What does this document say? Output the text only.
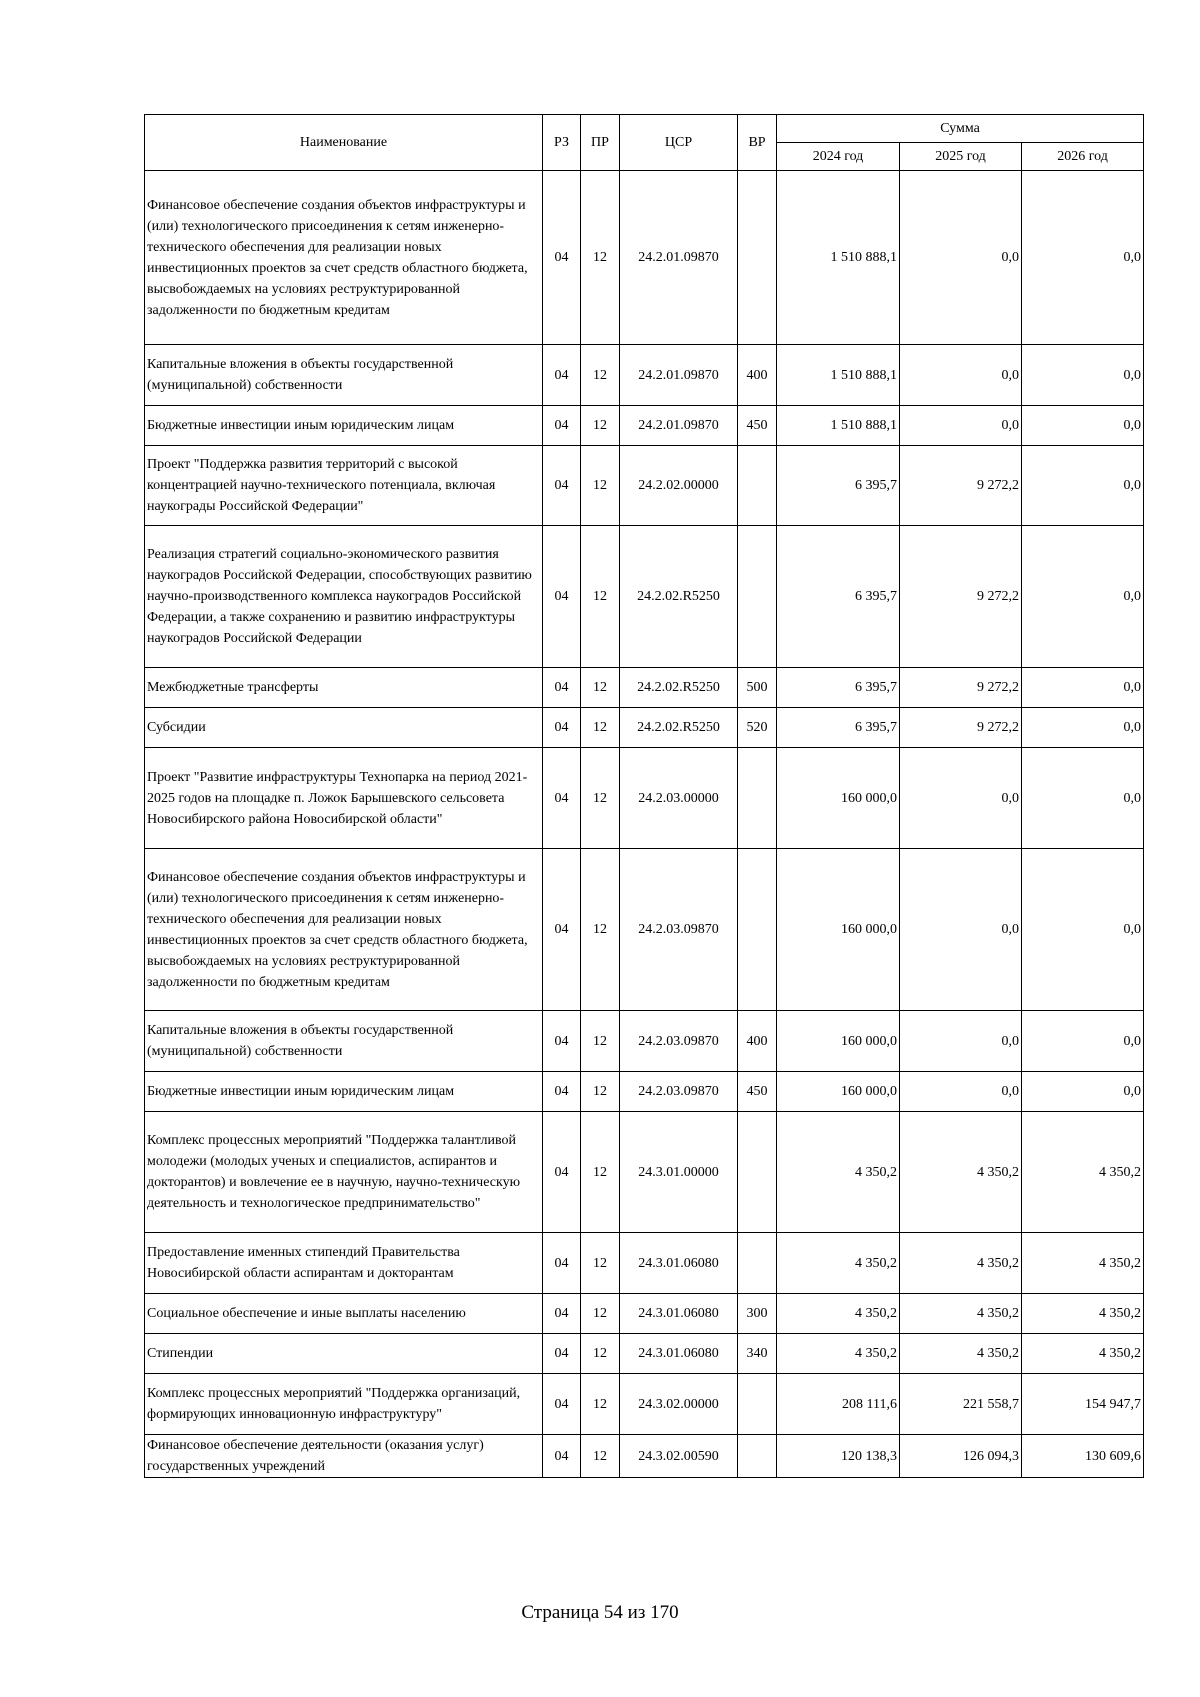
Наименование	РЗ	ПР	ЦСР	ВР	Сумма		
					2024 год	2025 год	2026 год
Финансовое обеспечение создания объектов инфраструктуры и (или) технологического присоединения к сетям инженерно-технического обеспечения для реализации новых инвестиционных проектов за счет средств областного бюджета, высвобождаемых на условиях реструктурированной задолженности по бюджетным кредитам	04	12	24.2.01.09870		1 510 888,1	0,0	0,0
Капитальные вложения в объекты государственной (муниципальной) собственности	04	12	24.2.01.09870	400	1 510 888,1	0,0	0,0
Бюджетные инвестиции иным юридическим лицам	04	12	24.2.01.09870	450	1 510 888,1	0,0	0,0
Проект "Поддержка развития территорий с высокой концентрацией научно-технического потенциала, включая наукограды Российской Федерации"	04	12	24.2.02.00000		6 395,7	9 272,2	0,0
Реализация стратегий социально-экономического развития наукоградов Российской Федерации, способствующих развитию научно-производственного комплекса наукоградов Российской Федерации, а также сохранению и развитию инфраструктуры наукоградов Российской Федерации	04	12	24.2.02.R5250		6 395,7	9 272,2	0,0
Межбюджетные трансферты	04	12	24.2.02.R5250	500	6 395,7	9 272,2	0,0
Субсидии	04	12	24.2.02.R5250	520	6 395,7	9 272,2	0,0
Проект "Развитие инфраструктуры Технопарка на период 2021-2025 годов на площадке п. Ложок Барышевского сельсовета Новосибирского района Новосибирской области"	04	12	24.2.03.00000		160 000,0	0,0	0,0
Финансовое обеспечение создания объектов инфраструктуры и (или) технологического присоединения к сетям инженерно-технического обеспечения для реализации новых инвестиционных проектов за счет средств областного бюджета, высвобождаемых на условиях реструктурированной задолженности по бюджетным кредитам	04	12	24.2.03.09870		160 000,0	0,0	0,0
Капитальные вложения в объекты государственной (муниципальной) собственности	04	12	24.2.03.09870	400	160 000,0	0,0	0,0
Бюджетные инвестиции иным юридическим лицам	04	12	24.2.03.09870	450	160 000,0	0,0	0,0
Комплекс процессных мероприятий "Поддержка талантливой молодежи (молодых ученых и специалистов, аспирантов и докторантов) и вовлечение ее в научную, научно-техническую деятельность и технологическое предпринимательство"	04	12	24.3.01.00000		4 350,2	4 350,2	4 350,2
Предоставление именных стипендий Правительства Новосибирской области аспирантам и докторантам	04	12	24.3.01.06080		4 350,2	4 350,2	4 350,2
Социальное обеспечение и иные выплаты населению	04	12	24.3.01.06080	300	4 350,2	4 350,2	4 350,2
Стипендии	04	12	24.3.01.06080	340	4 350,2	4 350,2	4 350,2
Комплекс процессных мероприятий "Поддержка организаций, формирующих инновационную инфраструктуру"	04	12	24.3.02.00000		208 111,6	221 558,7	154 947,7
Финансовое обеспечение деятельности (оказания услуг) государственных учреждений	04	12	24.3.02.00590		120 138,3	126 094,3	130 609,6
Страница 54 из 170
